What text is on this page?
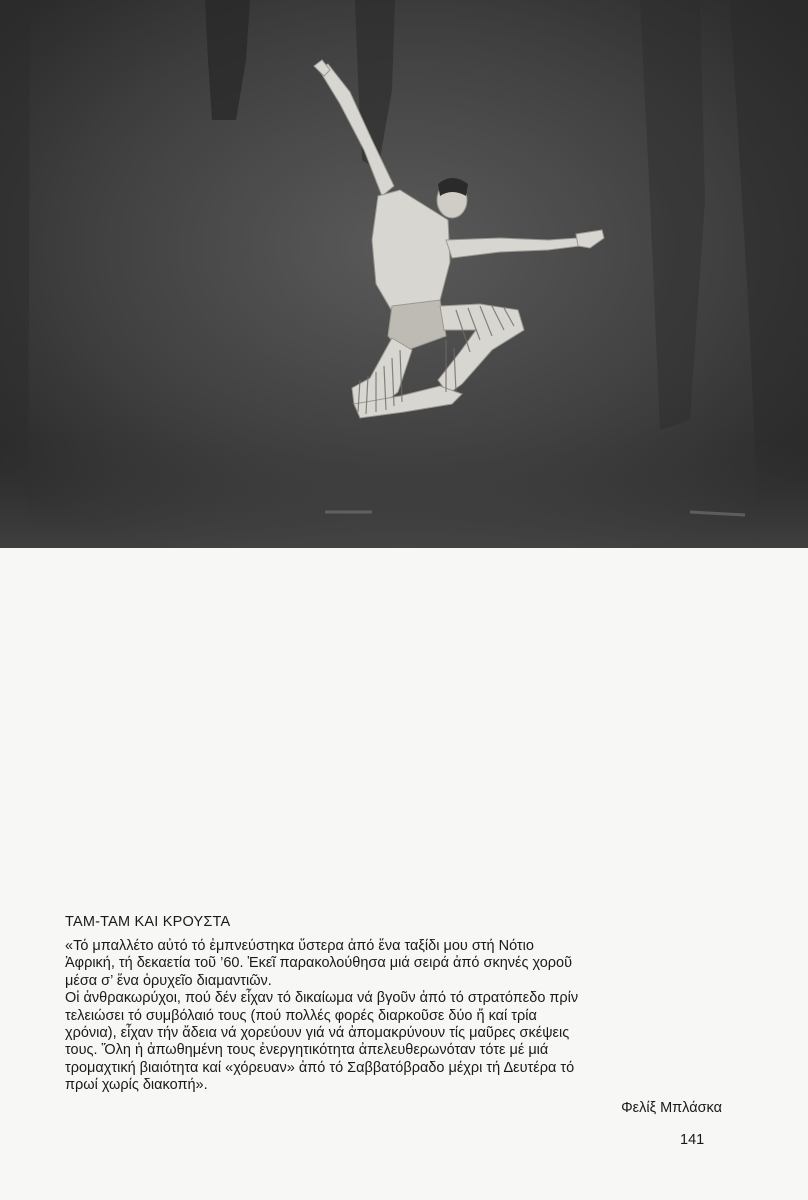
ΤΑΜ-ΤΑΜ ΚΑΙ ΚΡΟΥΣΤΑ

«Τό μπαλλέτο αὐτό τό ἐμπνεύστηκα ὕστερα ἀπό ἕνα ταξίδι μου στή Νότιο
Ἀφρική, τή δεκαετία τοῦ ’60. Ἐκεῖ παρακολούθησα μιά σειρά ἀπό σκηνές χοροῦ
μέσα σ’ ἕνα ὀρυχεῖο διαμαντιῶν.
Οἱ ἀνθρακωρύχοι, πού δέν εἶχαν τό δικαίωμα νά βγοῦν ἀπό τό στρατόπεδο πρίν
τελειώσει τό συμβόλαιό τους (πού πολλές φορές διαρκοῦσε δύο ἤ καί τρία
χρόνια), εἶχαν τήν ἄδεια νά χορεύουν γιά νά ἀπομακρύνουν τίς μαῦρες σκέψεις
τους. Ὅλη ἡ ἀπωθημένη τους ἐνεργητικότητα ἀπελευθερωνόταν τότε μέ μιά
τρομαχτική βιαιότητα καί «χόρευαν» ἀπό τό Σαββατόβραδο μέχρι τή Δευτέρα τό
πρωί χωρίς διακοπή».

Φελίξ Μπλάσκα
141
